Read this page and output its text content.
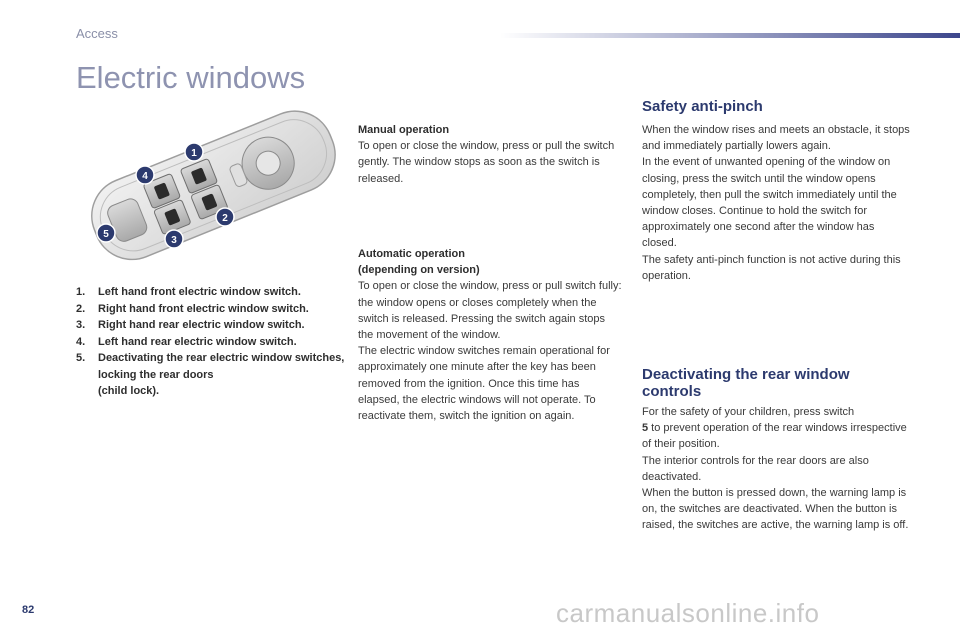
Access
Electric windows
1
2
3
4
5
1. Left hand front electric window switch.
2. Right hand front electric window switch.
3. Right hand rear electric window switch.
4. Left hand rear electric window switch.
5. Deactivating the rear electric window switches,
locking the rear doors
(child lock).

Manual operation

To open or close the window, press or pull the switch gently. The window stops as soon as the switch is released.

Automatic operation

(depending on version)

To open or close the window, press or pull switch fully: the window opens or closes completely when the switch is released. Pressing the switch again stops the movement of the window.

The electric window switches remain operational for approximately one minute after the key has been removed from the ignition. Once this time has elapsed, the electric windows will not operate. To reactivate them, switch the ignition on again.

Safety anti-pinch

When the window rises and meets an obstacle, it stops and immediately partially lowers again.

In the event of unwanted opening of the window on closing, press the switch until the window opens completely, then pull the switch immediately until the window closes. Continue to hold the switch for approximately one second after the window has closed.

The safety anti-pinch function is not active during this operation.

Deactivating the rear window controls

For the safety of your children, press switch
5 to prevent operation of the rear windows irrespective of their position.

The interior controls for the rear doors are also deactivated.

When the button is pressed down, the warning lamp is on, the switches are deactivated. When the button is raised, the switches are active, the warning lamp is off.

82	carmanualsonline.info
